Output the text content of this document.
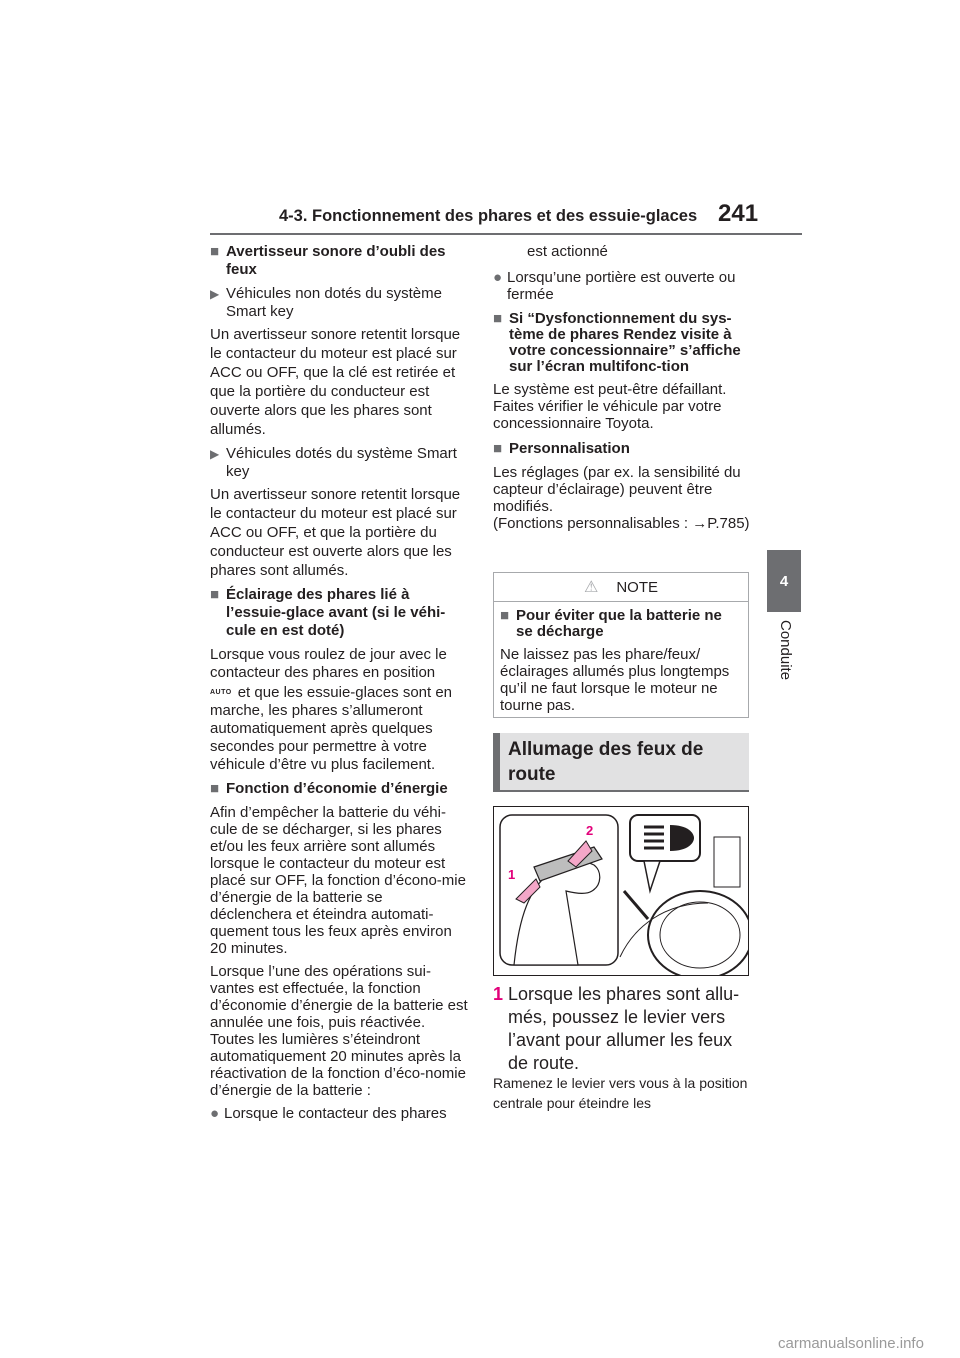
4-3. Fonctionnement des phares et des essuie-glaces 241
4
Conduite
■ Avertisseur sonore d’oubli des feux
▶ Véhicules non dotés du système Smart key

Un avertisseur sonore retentit lorsque le contacteur du moteur est placé sur ACC ou OFF, que la clé est retirée et que la portière du conducteur est ouverte alors que les phares sont allumés.

▶ Véhicules dotés du système Smart key

Un avertisseur sonore retentit lorsque le contacteur du moteur est placé sur ACC ou OFF, et que la portière du conducteur est ouverte alors que les phares sont allumés.

■ Éclairage des phares lié à l’essuie-glace avant (si le véhi-cule en est doté)

Lorsque vous roulez de jour avec le contacteur des phares en position

$^{AUTO}$ et que les essuie-glaces sont en marche, les phares s’allumeront automatiquement après quelques secondes pour permettre à votre véhicule d’être vu plus facilement.

■ Fonction d’économie d’énergie

Afin d’empêcher la batterie du véhi-cule de se décharger, si les phares et/ou les feux arrière sont allumés lorsque le contacteur du moteur est placé sur OFF, la fonction d’écono-mie d’énergie de la batterie se déclenchera et éteindra automati-quement tous les feux après environ 20 minutes.

Lorsque l’une des opérations sui-vantes est effectuée, la fonction d’économie d’énergie de la batterie est annulée une fois, puis réactivée. Toutes les lumières s’éteindront automatiquement 20 minutes après la réactivation de la fonction d’éco-nomie d’énergie de la batterie :

● Lorsque le contacteur des phares

est actionné

● Lorsqu’une portière est ouverte ou fermée
■ Si “Dysfonctionnement du sys-tème de phares Rendez visite à votre concessionnaire” s’affiche sur l’écran multifonc-tion

Le système est peut-être défaillant. Faites vérifier le véhicule par votre concessionnaire Toyota.

■ Personnalisation

Les réglages (par ex. la sensibilité du capteur d’éclairage) peuvent être modifiés.

(Fonctions personnalisables : →P.785)

⚠ NOTE
■ Pour éviter que la batterie ne se décharge
Ne laissez pas les phare/feux/éclairages allumés plus longtemps qu’il ne faut lorsque le moteur ne tourne pas.
Allumage des feux de route
1
2
1 Lorsque les phares sont allu-més, poussez le levier vers l’avant pour allumer les feux de route.
Ramenez le levier vers vous à la position centrale pour éteindre les
carmanualsonline.info
